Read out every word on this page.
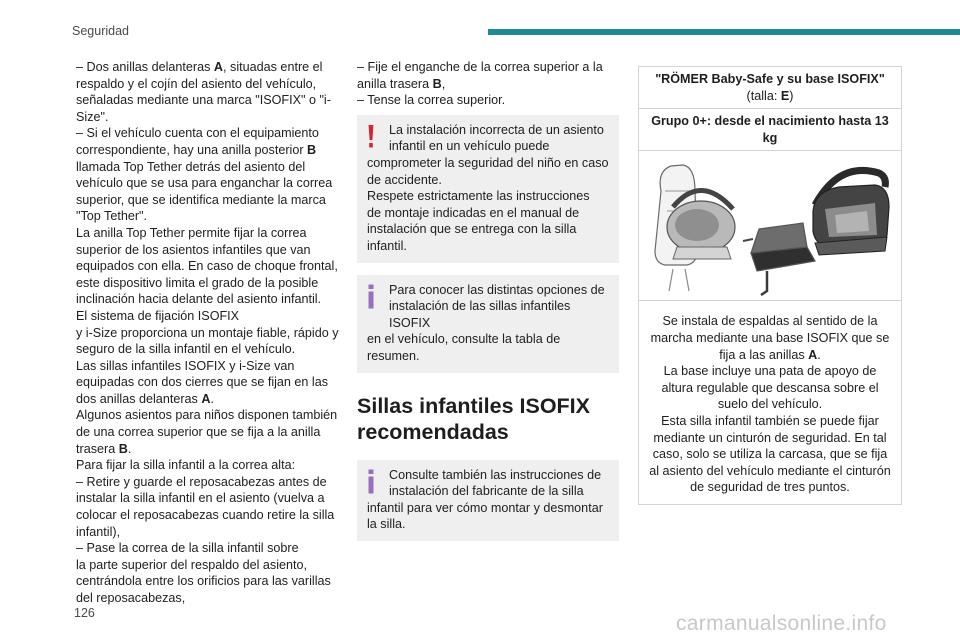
Seguridad

– Dos anillas delanteras A, situadas entre el respaldo y el cojín del asiento del vehículo, señaladas mediante una marca "ISOFIX" o "i-Size".

– Si el vehículo cuenta con el equipamiento correspondiente, hay una anilla posterior B llamada Top Tether detrás del asiento del vehículo que se usa para enganchar la correa superior, que se identifica mediante la marca "Top Tether".

La anilla Top Tether permite fijar la correa superior de los asientos infantiles que van equipados con ella. En caso de choque frontal, este dispositivo limita el grado de la posible inclinación hacia delante del asiento infantil.

El sistema de fijación ISOFIX

y i-Size proporciona un montaje fiable, rápido y seguro de la silla infantil en el vehículo.

Las sillas infantiles ISOFIX y i-Size van equipadas con dos cierres que se fijan en las dos anillas delanteras A.

Algunos asientos para niños disponen también de una correa superior que se fija a la anilla trasera B.

Para fijar la silla infantil a la correa alta:

– Retire y guarde el reposacabezas antes de instalar la silla infantil en el asiento (vuelva a colocar el reposacabezas cuando retire la silla infantil),

– Pase la correa de la silla infantil sobre

la parte superior del respaldo del asiento, centrándola entre los orificios para las varillas del reposacabezas,

– Fije el enganche de la correa superior a la anilla trasera B,

– Tense la correa superior.

La instalación incorrecta de un asiento infantil en un vehículo puede

comprometer la seguridad del niño en caso de accidente.

Respete estrictamente las instrucciones

de montaje indicadas en el manual de instalación que se entrega con la silla infantil.

Para conocer las distintas opciones de instalación de las sillas infantiles ISOFIX

en el vehículo, consulte la tabla de resumen.

Sillas infantiles ISOFIX recomendadas

Consulte también las instrucciones de instalación del fabricante de la silla

infantil para ver cómo montar y desmontar la silla.

"RÖMER Baby-Safe y su base ISOFIX"
(talla: E)
Grupo 0+: desde el nacimiento hasta 13 kg
Se instala de espaldas al sentido de la marcha mediante una base ISOFIX que se fija a las anillas A.
La base incluye una pata de apoyo de altura regulable que descansa sobre el suelo del vehículo.
Esta silla infantil también se puede fijar mediante un cinturón de seguridad. En tal caso, solo se utiliza la carcasa, que se fija al asiento del vehículo mediante el cinturón de seguridad de tres puntos.
126	carmanualsonline.info
